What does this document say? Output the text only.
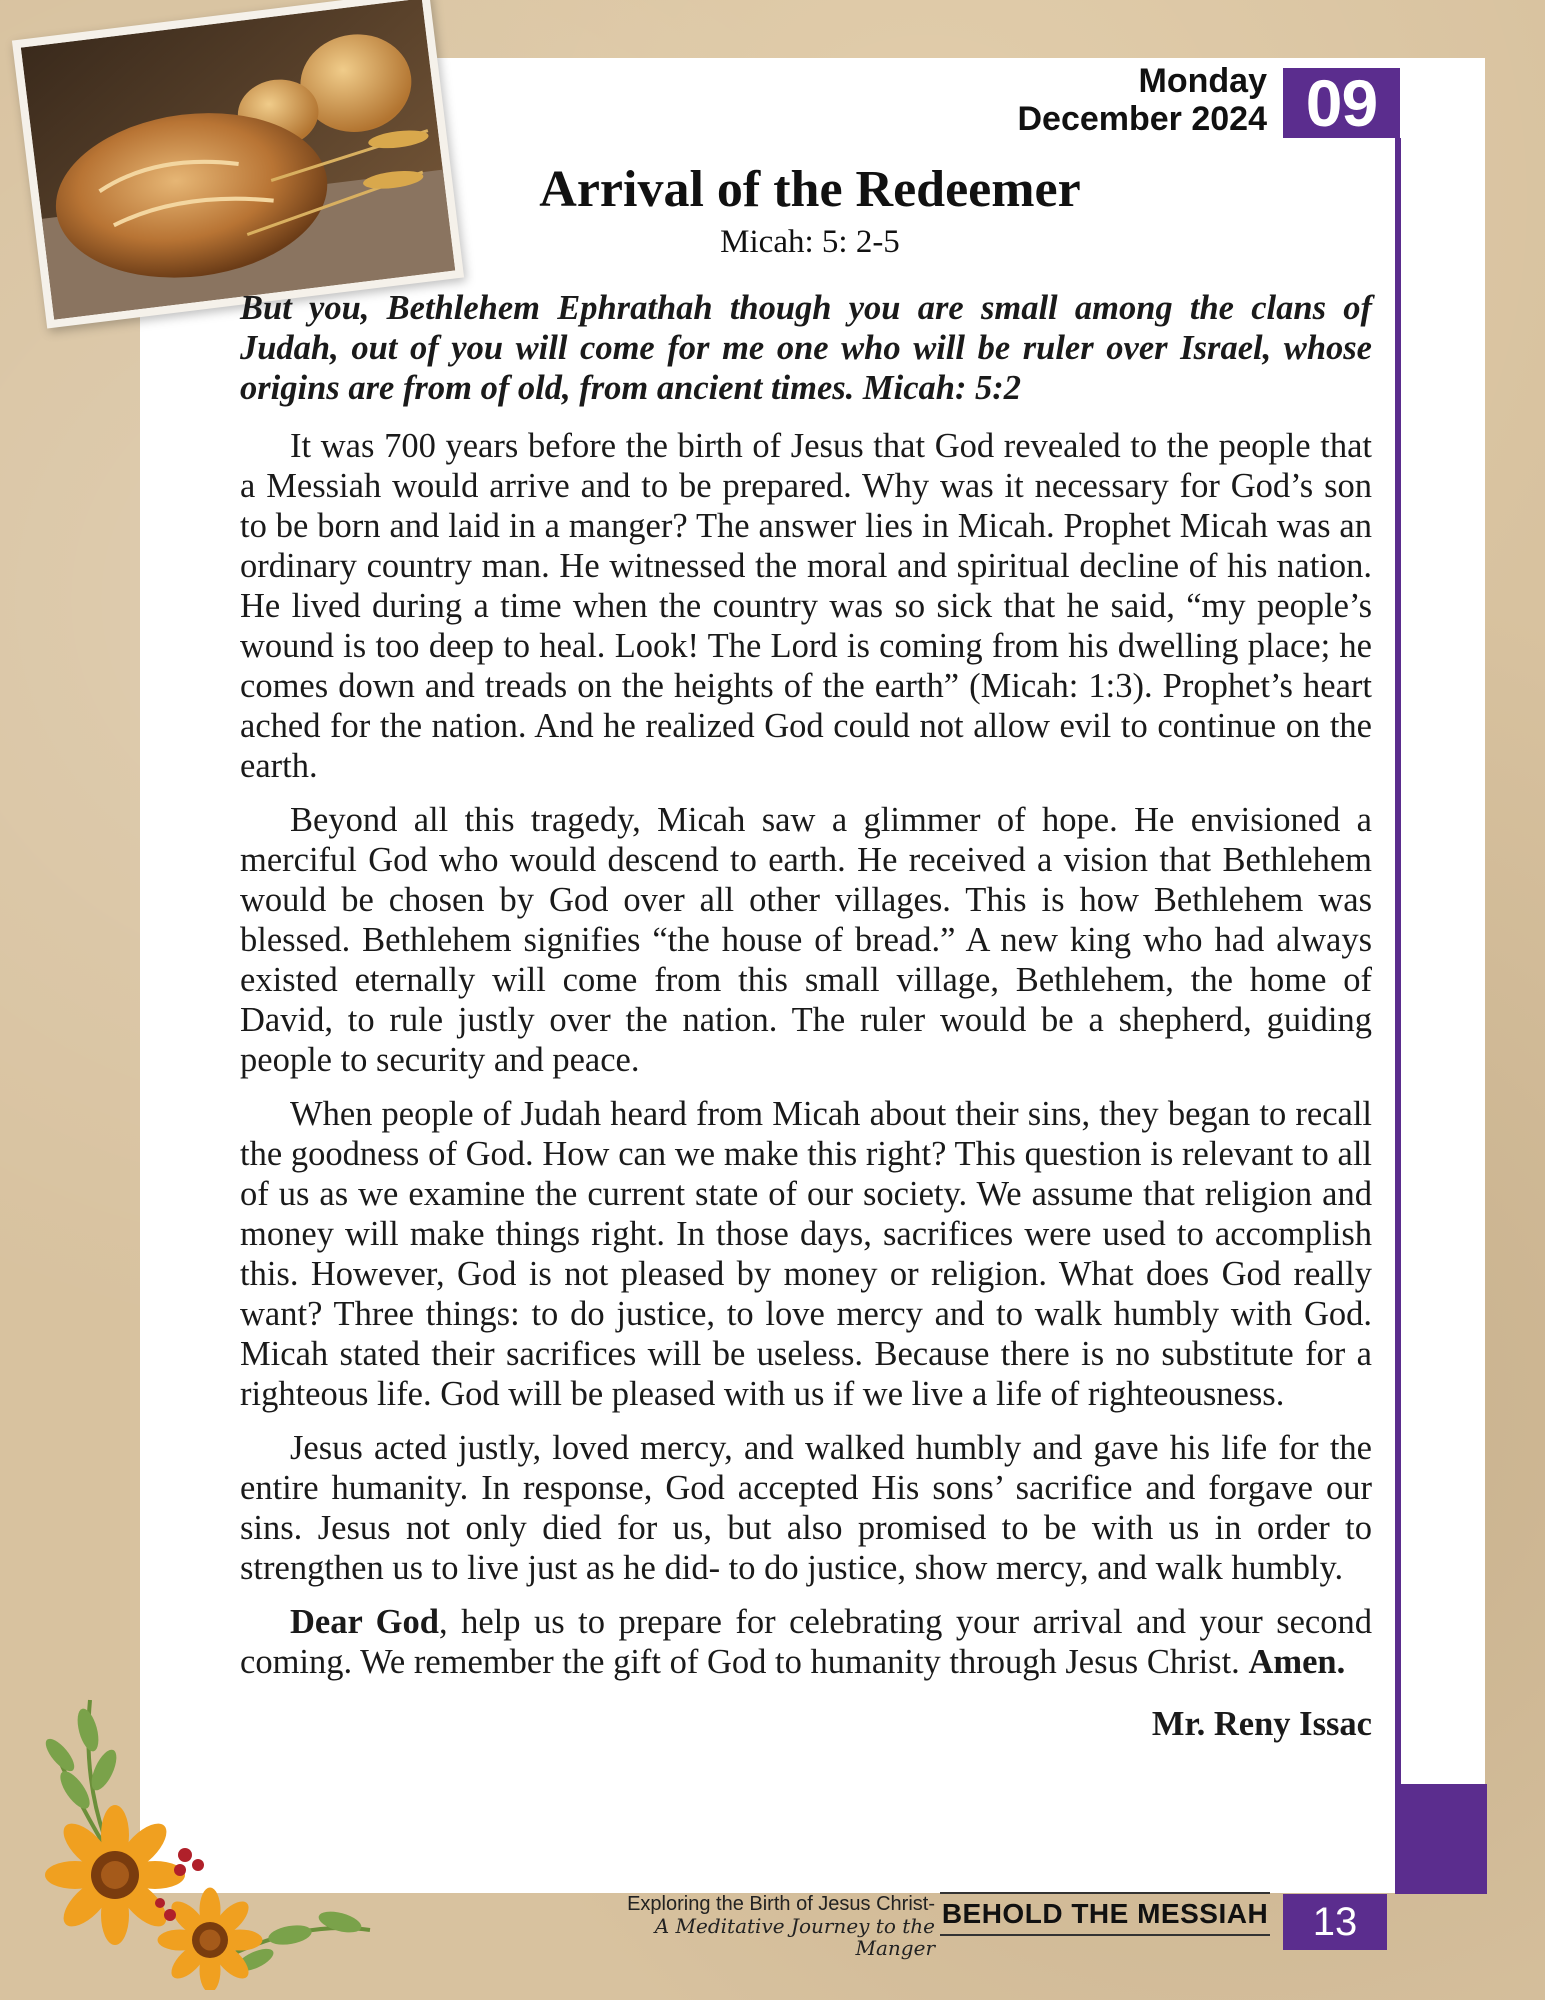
Monday
December 2024 09
Arrival of the Redeemer
Micah: 5: 2-5

But you, Bethlehem Ephrathah though you are small among the clans of Judah, out of you will come for me one who will be ruler over Israel, whose origins are from of old, from ancient times. Micah: 5:2

It was 700 years before the birth of Jesus that God revealed to the people that a Messiah would arrive and to be prepared. Why was it necessary for God’s son to be born and laid in a manger? The answer lies in Micah. Prophet Micah was an ordinary country man. He witnessed the moral and spiritual decline of his nation. He lived during a time when the country was so sick that he said, “my people’s wound is too deep to heal. Look! The Lord is coming from his dwelling place; he comes down and treads on the heights of the earth” (Micah: 1:3). Prophet’s heart ached for the nation. And he realized God could not allow evil to continue on the earth.

Beyond all this tragedy, Micah saw a glimmer of hope. He envisioned a merciful God who would descend to earth. He received a vision that Bethlehem would be chosen by God over all other villages. This is how Bethlehem was blessed. Bethlehem signifies “the house of bread.” A new king who had always existed eternally will come from this small village, Bethlehem, the home of David, to rule justly over the nation. The ruler would be a shepherd, guiding people to security and peace.

When people of Judah heard from Micah about their sins, they began to recall the goodness of God. How can we make this right? This question is relevant to all of us as we examine the current state of our society. We assume that religion and money will make things right. In those days, sacrifices were used to accomplish this. However, God is not pleased by money or religion. What does God really want? Three things: to do justice, to love mercy and to walk humbly with God. Micah stated their sacrifices will be useless. Because there is no substitute for a righteous life. God will be pleased with us if we live a life of righteousness.

Jesus acted justly, loved mercy, and walked humbly and gave his life for the entire humanity. In response, God accepted His sons’ sacrifice and forgave our sins. Jesus not only died for us, but also promised to be with us in order to strengthen us to live just as he did- to do justice, show mercy, and walk humbly.

Dear God, help us to prepare for celebrating your arrival and your second coming. We remember the gift of God to humanity through Jesus Christ. Amen.

Mr. Reny Issac
Exploring the Birth of Jesus Christ-
A Meditative Journey to the Manger
BEHOLD THE MESSIAH	13
